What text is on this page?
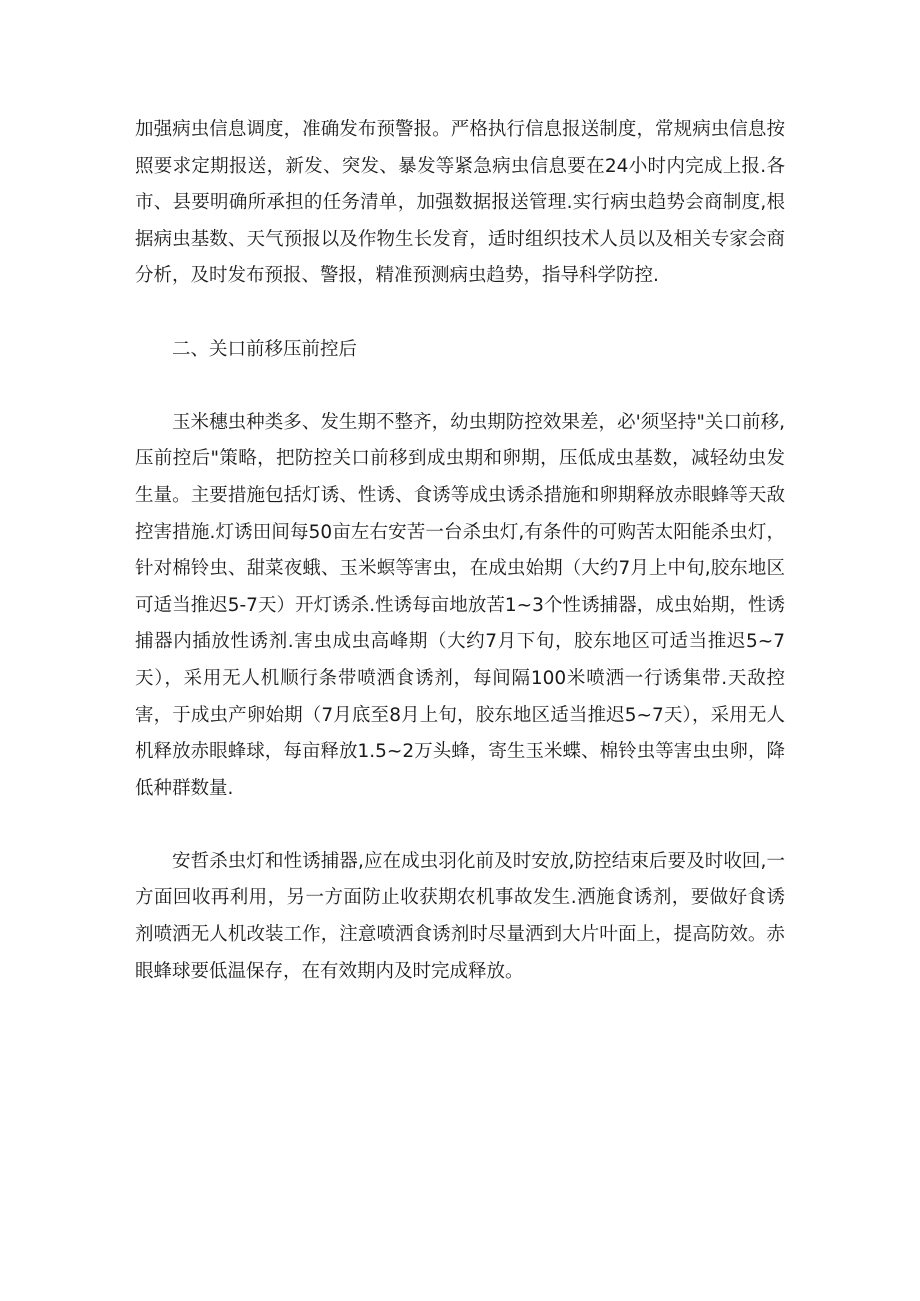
加强病虫信息调度，准确发布预警报。严格执行信息报送制度，常规病虫信息按照要求定期报送，新发、突发、暴发等紧急病虫信息要在24小时内完成上报.各市、县要明确所承担的任务清单，加强数据报送管理.实行病虫趋势会商制度,根据病虫基数、天气预报以及作物生长发育，适时组织技术人员以及相关专家会商分析，及时发布预报、警报，精准预测病虫趋势，指导科学防控.

二、关口前移压前控后

玉米穗虫种类多、发生期不整齐，幼虫期防控效果差，必'须坚持"关口前移,压前控后"策略，把防控关口前移到成虫期和卵期，压低成虫基数，减轻幼虫发生量。主要措施包括灯诱、性诱、食诱等成虫诱杀措施和卵期释放赤眼蜂等天敌控害措施.灯诱田间每50亩左右安苦一台杀虫灯,有条件的可购苦太阳能杀虫灯，针对棉铃虫、甜菜夜蛾、玉米螟等害虫，在成虫始期（大约7月上中旬,胶东地区可适当推迟5-7天）开灯诱杀.性诱每亩地放苦1~3个性诱捕器，成虫始期，性诱捕器内插放性诱剂.害虫成虫高峰期（大约7月下旬，胶东地区可适当推迟5~7天），采用无人机顺行条带喷洒食诱剂，每间隔100米喷洒一行诱集带.天敌控害，于成虫产卵始期（7月底至8月上旬，胶东地区适当推迟5~7天），采用无人机释放赤眼蜂球，每亩释放1.5~2万头蜂，寄生玉米蝶、棉铃虫等害虫虫卵，降低种群数量.

安哲杀虫灯和性诱捕器,应在成虫羽化前及时安放,防控结束后要及时收回,一方面回收再利用，另一方面防止收获期农机事故发生.洒施食诱剂，要做好食诱剂喷洒无人机改装工作，注意喷洒食诱剂时尽量洒到大片叶面上，提高防效。赤眼蜂球要低温保存，在有效期内及时完成释放。
